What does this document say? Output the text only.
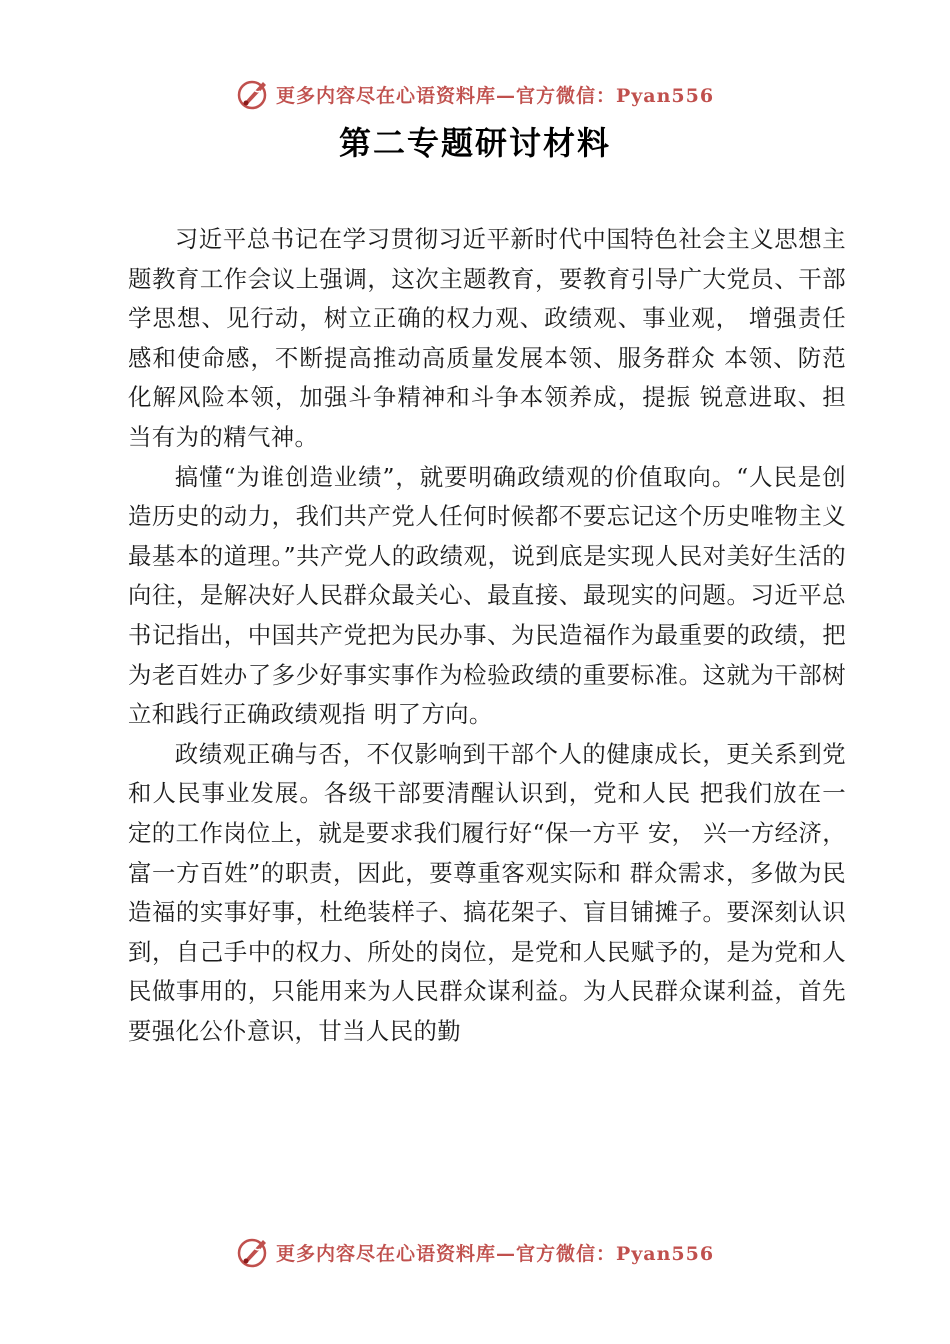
更多内容尽在心语资料库—官方微信：Pyan556
第二专题研讨材料

习近平总书记在学习贯彻习近平新时代中国特色社会主义思想主题教育工作会议上强调，这次主题教育，要教育引导广大党员、干部学思想、见行动，树立正确的权力观、政绩观、事业观， 增强责任感和使命感，不断提高推动高质量发展本领、服务群众 本领、防范化解风险本领，加强斗争精神和斗争本领养成，提振 锐意进取、担当有为的精气神。

搞懂“为谁创造业绩”，就要明确政绩观的价值取向。“人民是创造历史的动力，我们共产党人任何时候都不要忘记这个历史唯物主义最基本的道理。”共产党人的政绩观，说到底是实现人民对美好生活的向往，是解决好人民群众最关心、最直接、最现实的问题。习近平总书记指出，中国共产党把为民办事、为民造福作为最重要的政绩，把为老百姓办了多少好事实事作为检验政绩的重要标准。这就为干部树立和践行正确政绩观指 明了方向。

政绩观正确与否，不仅影响到干部个人的健康成长，更关系到党和人民事业发展。各级干部要清醒认识到，党和人民 把我们放在一定的工作岗位上，就是要求我们履行好“保一方平 安， 兴一方经济，富一方百姓”的职责，因此，要尊重客观实际和 群众需求，多做为民造福的实事好事，杜绝装样子、搞花架子、盲目铺摊子。要深刻认识到，自己手中的权力、所处的岗位，是党和人民赋予的，是为党和人民做事用的，只能用来为人民群众谋利益。为人民群众谋利益，首先要强化公仆意识，甘当人民的勤

更多内容尽在心语资料库—官方微信：Pyan556
